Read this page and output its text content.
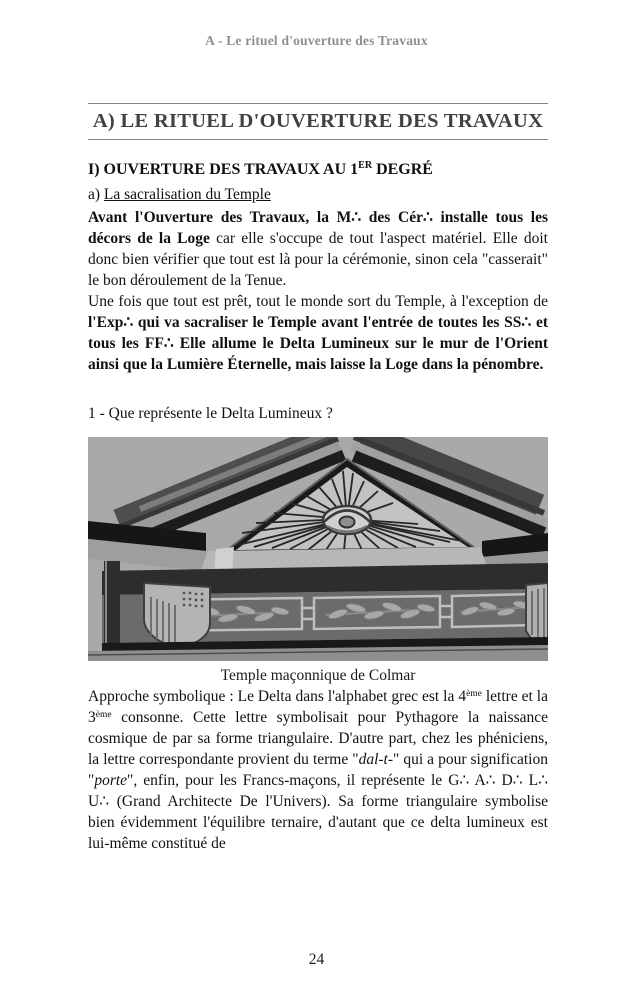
A - Le rituel d'ouverture des Travaux
A) LE RITUEL D'OUVERTURE DES TRAVAUX
I) OUVERTURE DES TRAVAUX AU 1ER DEGRÉ
a) La sacralisation du Temple

Avant l'Ouverture des Travaux, la M∴ des Cér∴ installe tous les décors de la Loge car elle s'occupe de tout l'aspect matériel. Elle doit donc bien vérifier que tout est là pour la cérémonie, sinon cela "casserait" le bon déroulement de la Tenue.

Une fois que tout est prêt, tout le monde sort du Temple, à l'exception de l'Exp∴ qui va sacraliser le Temple avant l'entrée de toutes les SS∴ et tous les FF∴ Elle allume le Delta Lumineux sur le mur de l'Orient ainsi que la Lumière Éternelle, mais laisse la Loge dans la pénombre.

1 - Que représente le Delta Lumineux ?

Temple maçonnique de Colmar

Approche symbolique : Le Delta dans l'alphabet grec est la 4ème lettre et la 3ème consonne. Cette lettre symbolisait pour Pythagore la naissance cosmique de par sa forme triangulaire. D'autre part, chez les phéniciens, la lettre correspondante provient du terme "dal-t-" qui a pour signification "porte", enfin, pour les Francs-maçons, il représente le G∴ A∴ D∴ L∴ U∴ (Grand Architecte De l'Univers). Sa forme triangulaire symbolise bien évidemment l'équilibre ternaire, d'autant que ce delta lumineux est lui-même constitué de

24
